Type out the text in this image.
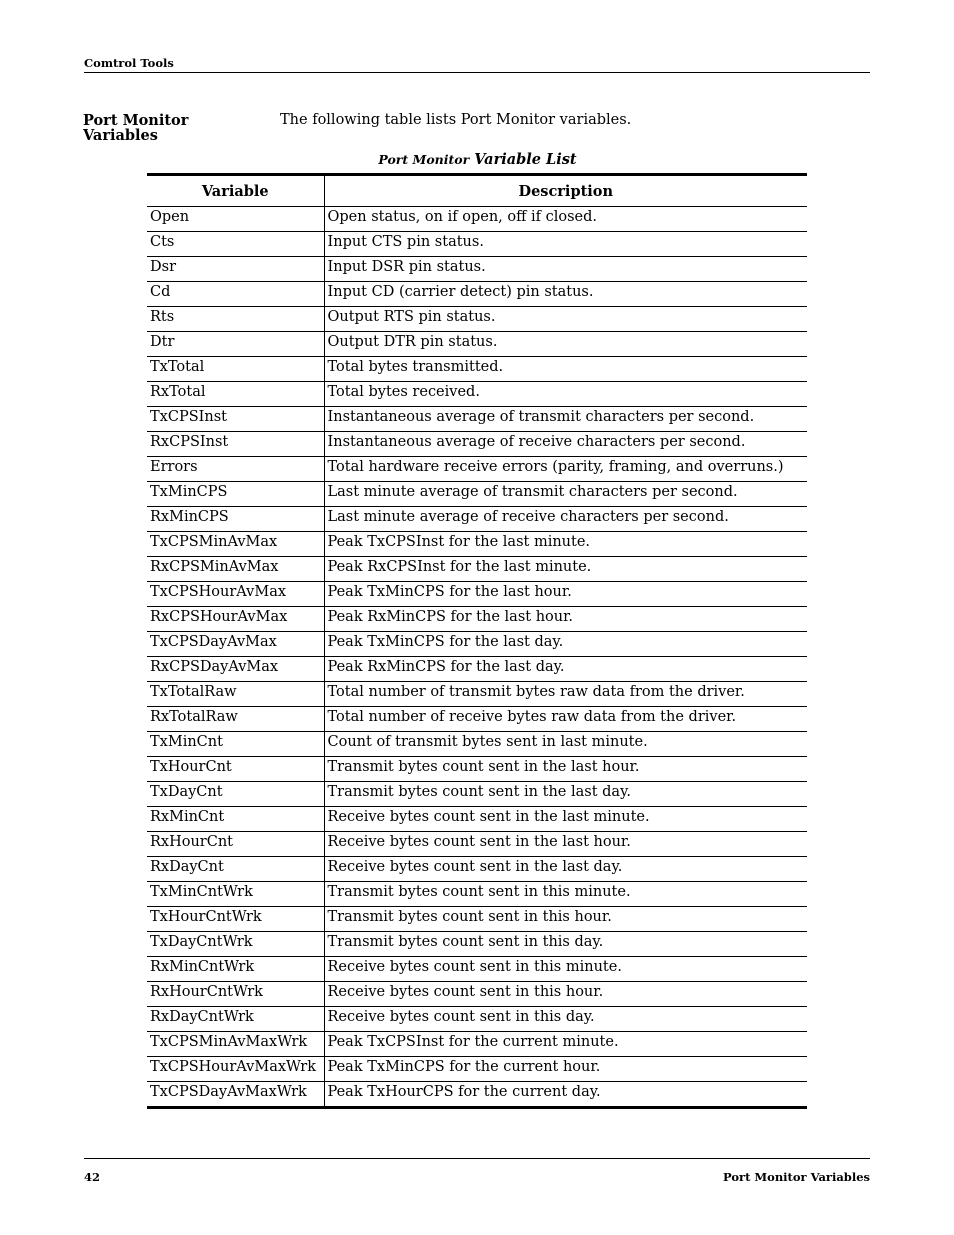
Comtrol Tools
Port Monitor
Variables
The following table lists Port Monitor variables.
Port Monitor Variable List
Variable	Description
Open	Open status, on if open, off if closed.
Cts	Input CTS pin status.
Dsr	Input DSR pin status.
Cd	Input CD (carrier detect) pin status.
Rts	Output RTS pin status.
Dtr	Output DTR pin status.
TxTotal	Total bytes transmitted.
RxTotal	Total bytes received.
TxCPSInst	Instantaneous average of transmit characters per second.
RxCPSInst	Instantaneous average of receive characters per second.
Errors	Total hardware receive errors (parity, framing, and overruns.)
TxMinCPS	Last minute average of transmit characters per second.
RxMinCPS	Last minute average of receive characters per second.
TxCPSMinAvMax	Peak TxCPSInst for the last minute.
RxCPSMinAvMax	Peak RxCPSInst for the last minute.
TxCPSHourAvMax	Peak TxMinCPS for the last hour.
RxCPSHourAvMax	Peak RxMinCPS for the last hour.
TxCPSDayAvMax	Peak TxMinCPS for the last day.
RxCPSDayAvMax	Peak RxMinCPS for the last day.
TxTotalRaw	Total number of transmit bytes raw data from the driver.
RxTotalRaw	Total number of receive bytes raw data from the driver.
TxMinCnt	Count of transmit bytes sent in last minute.
TxHourCnt	Transmit bytes count sent in the last hour.
TxDayCnt	Transmit bytes count sent in the last day.
RxMinCnt	Receive bytes count sent in the last minute.
RxHourCnt	Receive bytes count sent in the last hour.
RxDayCnt	Receive bytes count sent in the last day.
TxMinCntWrk	Transmit bytes count sent in this minute.
TxHourCntWrk	Transmit bytes count sent in this hour.
TxDayCntWrk	Transmit bytes count sent in this day.
RxMinCntWrk	Receive bytes count sent in this minute.
RxHourCntWrk	Receive bytes count sent in this hour.
RxDayCntWrk	Receive bytes count sent in this day.
TxCPSMinAvMaxWrk	Peak TxCPSInst for the current minute.
TxCPSHourAvMaxWrk	Peak TxMinCPS for the current hour.
TxCPSDayAvMaxWrk	Peak TxHourCPS for the current day.
42	Port Monitor Variables
